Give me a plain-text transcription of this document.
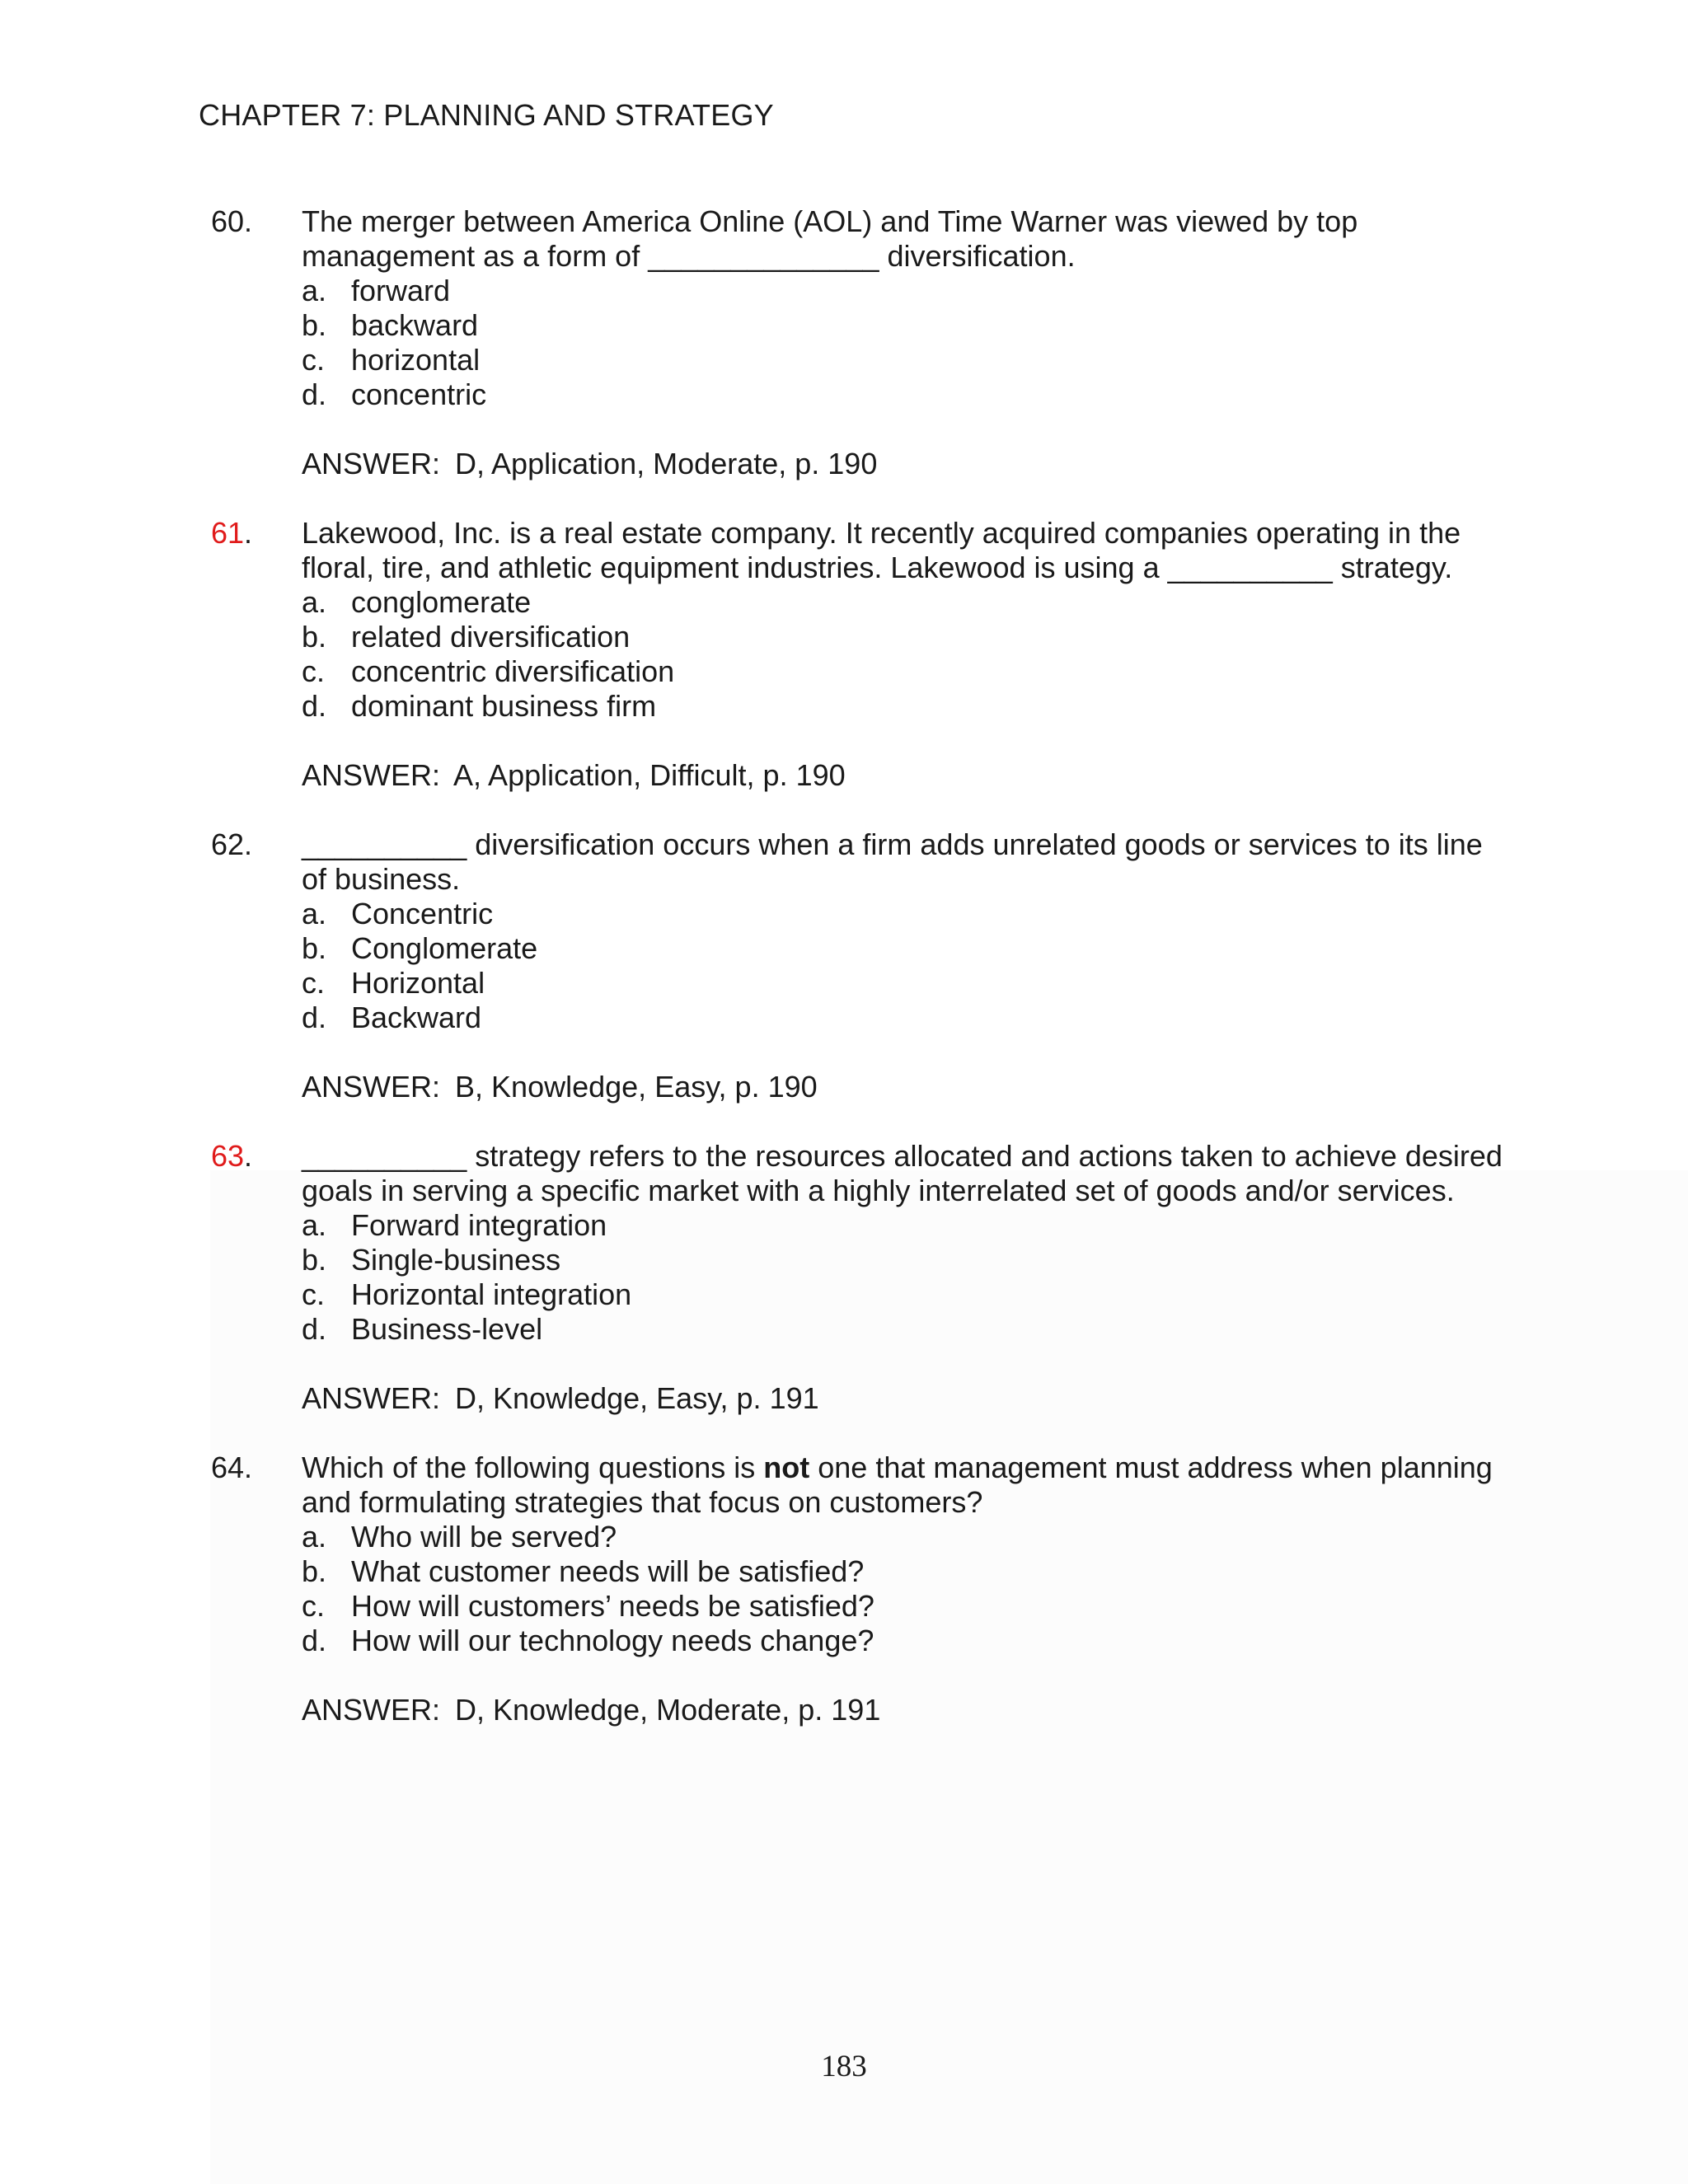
CHAPTER 7: PLANNING AND STRATEGY
60.	The merger between America Online (AOL) and Time Warner was viewed by top management as a form of ______________ diversification.

a. forward
b. backward
c. horizontal
d. concentric
ANSWER: D, Application, Moderate, p. 190
61.	Lakewood, Inc. is a real estate company. It recently acquired companies operating in the floral, tire, and athletic equipment industries. Lakewood is using a __________ strategy.

a. conglomerate
b. related diversification
c. concentric diversification
d. dominant business firm
ANSWER: A, Application, Difficult, p. 190
62.	__________ diversification occurs when a firm adds unrelated goods or services to its line of business.

a. Concentric
b. Conglomerate
c. Horizontal
d. Backward
ANSWER: B, Knowledge, Easy, p. 190
63.	__________ strategy refers to the resources allocated and actions taken to achieve desired goals in serving a specific market with a highly interrelated set of goods and/or services.

a. Forward integration
b. Single-business
c. Horizontal integration
d. Business-level
ANSWER: D, Knowledge, Easy, p. 191
64.	Which of the following questions is not one that management must address when planning and formulating strategies that focus on customers?

a. Who will be served?
b. What customer needs will be satisfied?
c. How will customers’ needs be satisfied?
d. How will our technology needs change?
ANSWER: D, Knowledge, Moderate, p. 191
183
